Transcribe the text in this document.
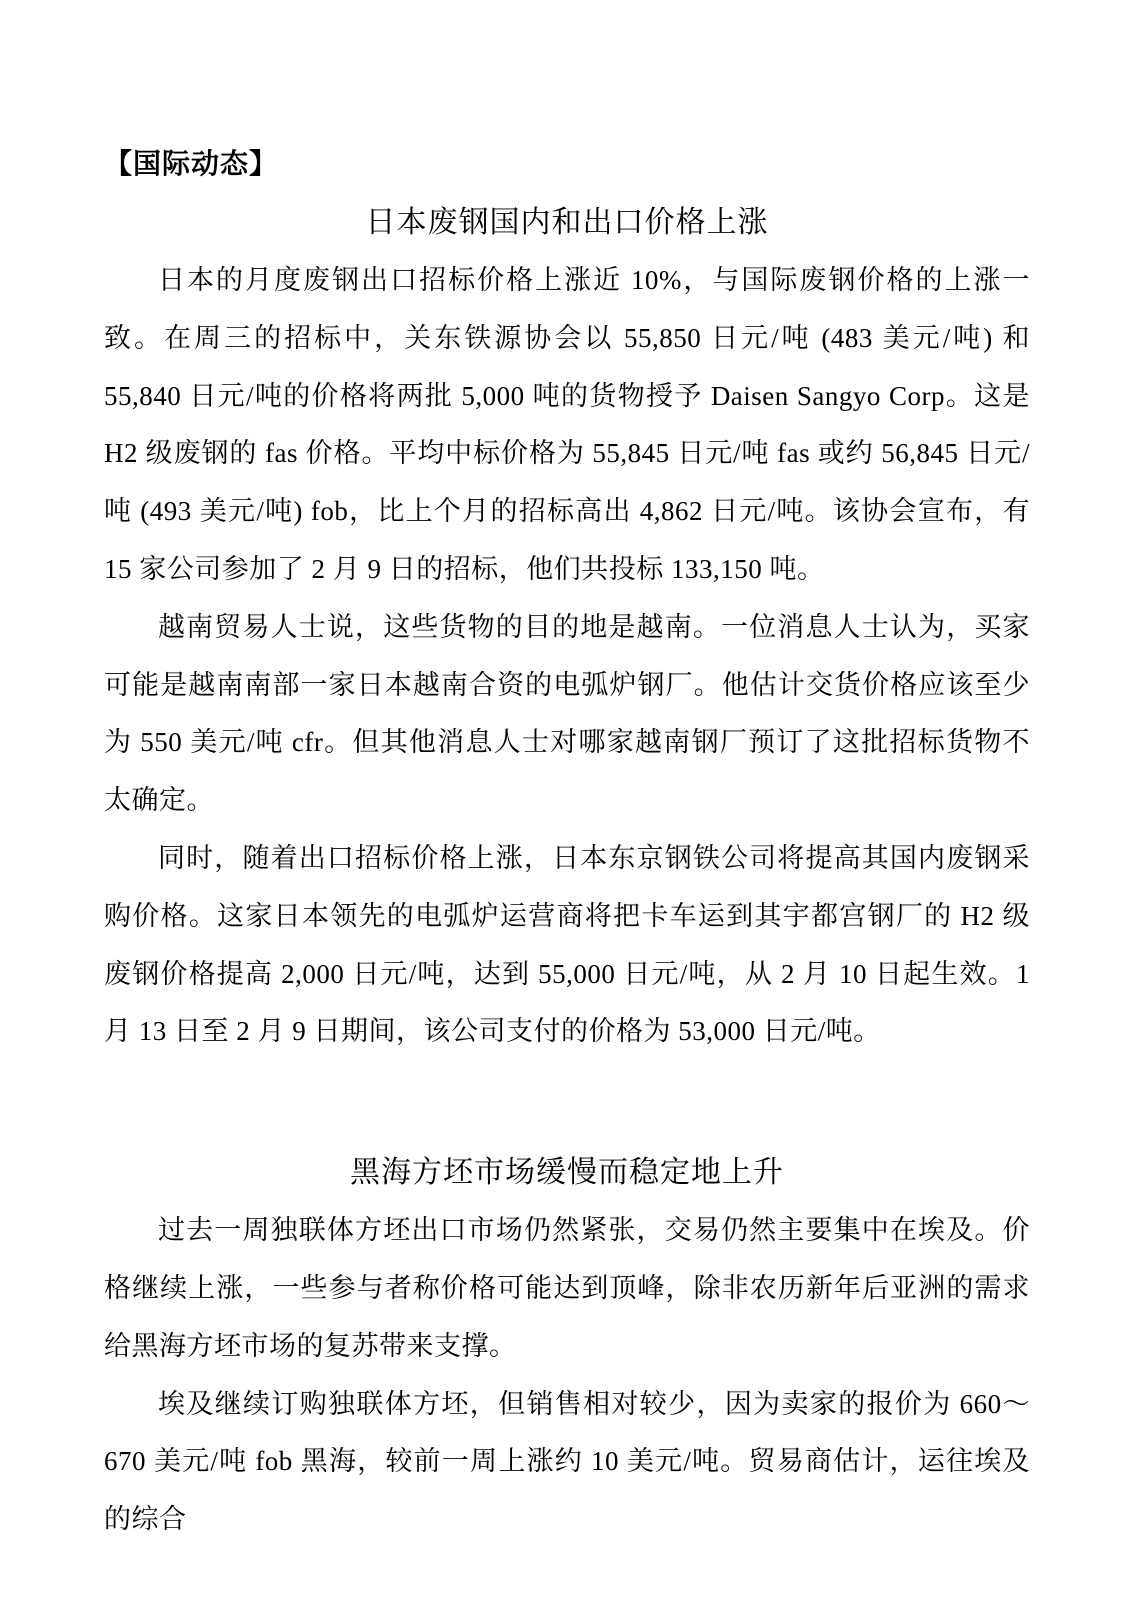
【国际动态】
日本废钢国内和出口价格上涨

日本的月度废钢出口招标价格上涨近 10%，与国际废钢价格的上涨一致。在周三的招标中，关东铁源协会以 55,850 日元/吨 (483 美元/吨) 和 55,840 日元/吨的价格将两批 5,000 吨的货物授予 Daisen Sangyo Corp。这是 H2 级废钢的 fas 价格。平均中标价格为 55,845 日元/吨 fas 或约 56,845 日元/吨 (493 美元/吨) fob，比上个月的招标高出 4,862 日元/吨。该协会宣布，有 15 家公司参加了 2 月 9 日的招标，他们共投标 133,150 吨。

越南贸易人士说，这些货物的目的地是越南。一位消息人士认为，买家可能是越南南部一家日本越南合资的电弧炉钢厂。他估计交货价格应该至少为 550 美元/吨 cfr。但其他消息人士对哪家越南钢厂预订了这批招标货物不太确定。

同时，随着出口招标价格上涨，日本东京钢铁公司将提高其国内废钢采购价格。这家日本领先的电弧炉运营商将把卡车运到其宇都宫钢厂的 H2 级废钢价格提高 2,000 日元/吨，达到 55,000 日元/吨，从 2 月 10 日起生效。1 月 13 日至 2 月 9 日期间，该公司支付的价格为 53,000 日元/吨。

黑海方坯市场缓慢而稳定地上升

过去一周独联体方坯出口市场仍然紧张，交易仍然主要集中在埃及。价格继续上涨，一些参与者称价格可能达到顶峰，除非农历新年后亚洲的需求给黑海方坯市场的复苏带来支撑。

埃及继续订购独联体方坯，但销售相对较少，因为卖家的报价为 660～670 美元/吨 fob 黑海，较前一周上涨约 10 美元/吨。贸易商估计，运往埃及的综合
